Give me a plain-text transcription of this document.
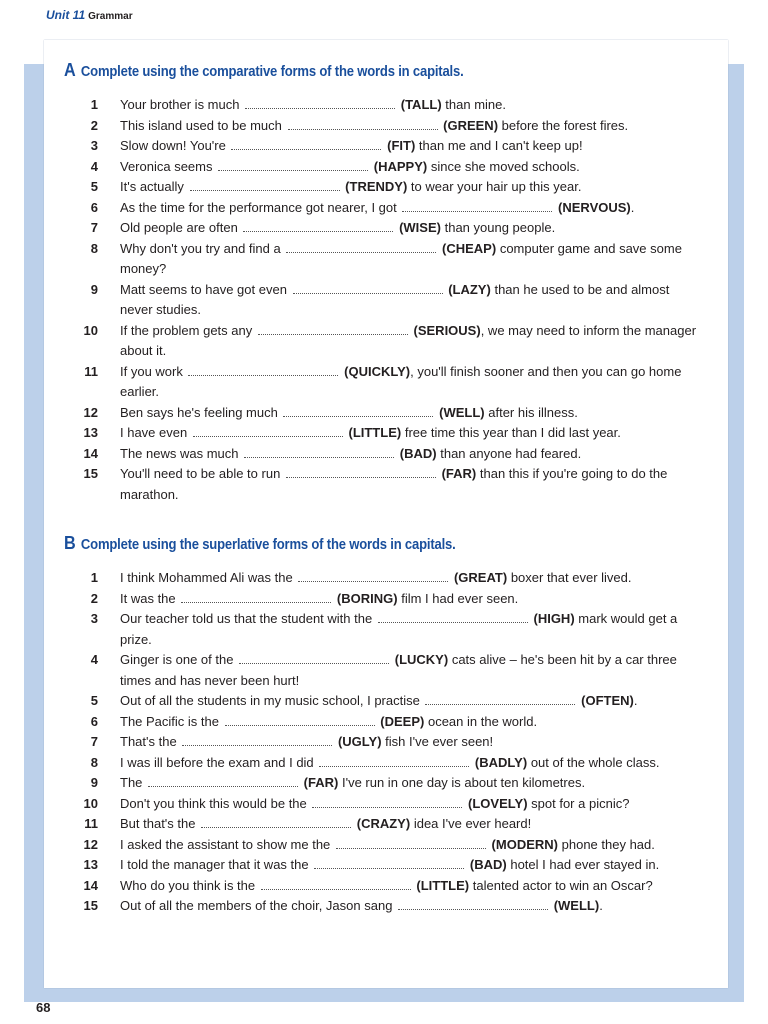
Unit 11 Grammar
A Complete using the comparative forms of the words in capitals.
1	Your brother is much	(TALL) than mine.
2	This island used to be much	(GREEN) before the forest fires.
3	Slow down! You're	(FIT) than me and I can't keep up!
4	Veronica seems	(HAPPY) since she moved schools.
5	It's actually	(TRENDY) to wear your hair up this year.
6	As the time for the performance got nearer, I got	(NERVOUS).
7	Old people are often	(WISE) than young people.
8	Why don't you try and find a	(CHEAP) computer game and save some money?
9	Matt seems to have got even	(LAZY) than he used to be and almost never studies.
10	If the problem gets any	(SERIOUS), we may need to inform the manager about it.
11	If you work	(QUICKLY), you'll finish sooner and then you can go home earlier.
12	Ben says he's feeling much	(WELL) after his illness.
13	I have even	(LITTLE) free time this year than I did last year.
14	The news was much	(BAD) than anyone had feared.
15	You'll need to be able to run	(FAR) than this if you're going to do the marathon.
B Complete using the superlative forms of the words in capitals.
1	I think Mohammed Ali was the	(GREAT) boxer that ever lived.
2	It was the	(BORING) film I had ever seen.
3	Our teacher told us that the student with the	(HIGH) mark would get a prize.
4	Ginger is one of the	(LUCKY) cats alive – he's been hit by a car three times and has never been hurt!
5	Out of all the students in my music school, I practise	(OFTEN).
6	The Pacific is the	(DEEP) ocean in the world.
7	That's the	(UGLY) fish I've ever seen!
8	I was ill before the exam and I did	(BADLY) out of the whole class.
9	The	(FAR) I've run in one day is about ten kilometres.
10	Don't you think this would be the	(LOVELY) spot for a picnic?
11	But that's the	(CRAZY) idea I've ever heard!
12	I asked the assistant to show me the	(MODERN) phone they had.
13	I told the manager that it was the	(BAD) hotel I had ever stayed in.
14	Who do you think is the	(LITTLE) talented actor to win an Oscar?
15	Out of all the members of the choir, Jason sang	(WELL).
68
